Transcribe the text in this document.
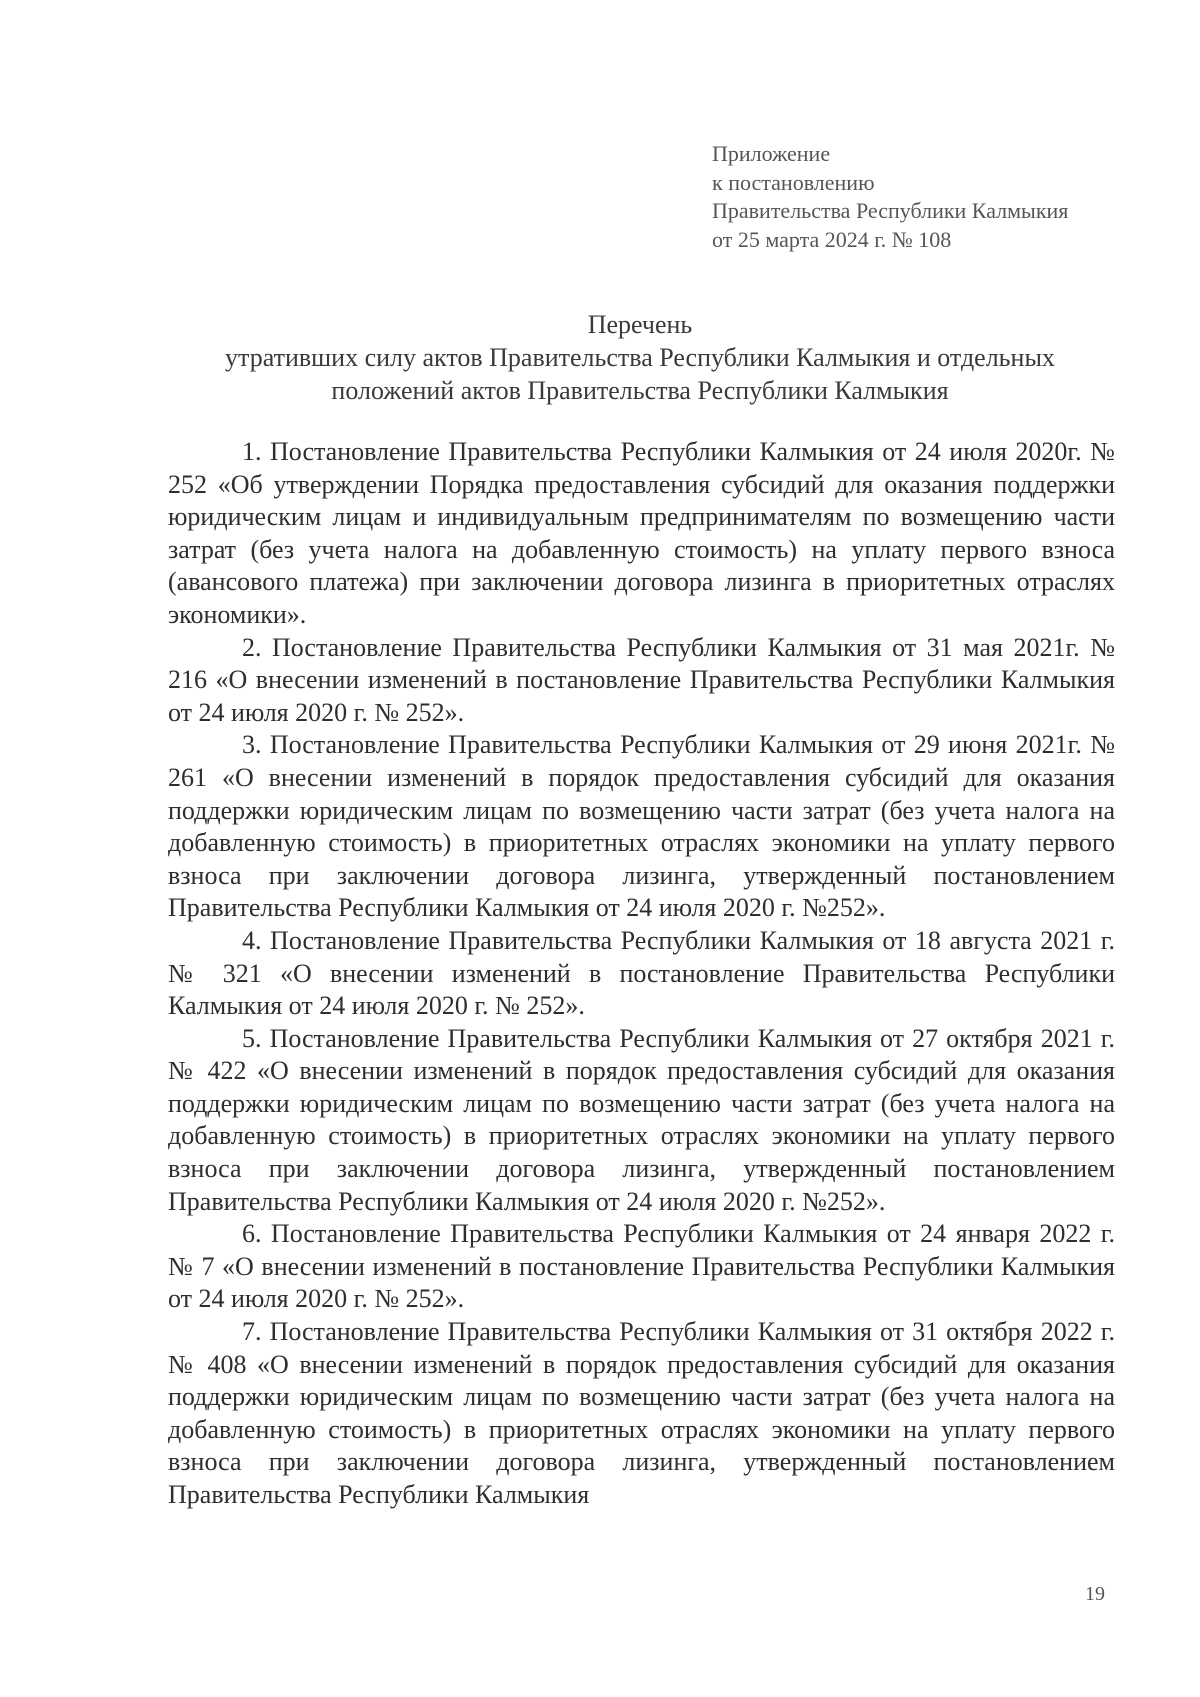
Приложение
к постановлению
Правительства Республики Калмыкия
от 25 марта 2024 г. № 108
Перечень
утративших силу актов Правительства Республики Калмыкия и отдельных
положений актов Правительства Республики Калмыкия

1. Постановление Правительства Республики Калмыкия от 24 июля 2020г. № 252 «Об утверждении Порядка предоставления субсидий для оказания поддержки юридическим лицам и индивидуальным предпринимателям по возмещению части затрат (без учета налога на добавленную стоимость) на уплату первого взноса (авансового платежа) при заключении договора лизинга в приоритетных отраслях экономики».

2. Постановление Правительства Республики Калмыкия от 31 мая 2021г. № 216 «О внесении изменений в постановление Правительства Республики Калмыкия от 24 июля 2020 г. № 252».

3. Постановление Правительства Республики Калмыкия от 29 июня 2021г. № 261 «О внесении изменений в порядок предоставления субсидий для оказания поддержки юридическим лицам по возмещению части затрат (без учета налога на добавленную стоимость) в приоритетных отраслях экономики на уплату первого взноса при заключении договора лизинга, утвержденный постановлением Правительства Республики Калмыкия от 24 июля 2020 г. №252».

4. Постановление Правительства Республики Калмыкия от 18 августа 2021 г. № 321 «О внесении изменений в постановление Правительства Республики Калмыкия от 24 июля 2020 г. № 252».

5. Постановление Правительства Республики Калмыкия от 27 октября 2021 г. № 422 «О внесении изменений в порядок предоставления субсидий для оказания поддержки юридическим лицам по возмещению части затрат (без учета налога на добавленную стоимость) в приоритетных отраслях экономики на уплату первого взноса при заключении договора лизинга, утвержденный постановлением Правительства Республики Калмыкия от 24 июля 2020 г. №252».

6. Постановление Правительства Республики Калмыкия от 24 января 2022 г. № 7 «О внесении изменений в постановление Правительства Республики Калмыкия от 24 июля 2020 г. № 252».

7. Постановление Правительства Республики Калмыкия от 31 октября 2022 г. № 408 «О внесении изменений в порядок предоставления субсидий для оказания поддержки юридическим лицам по возмещению части затрат (без учета налога на добавленную стоимость) в приоритетных отраслях экономики на уплату первого взноса при заключении договора лизинга, утвержденный постановлением Правительства Республики Калмыкия

19
